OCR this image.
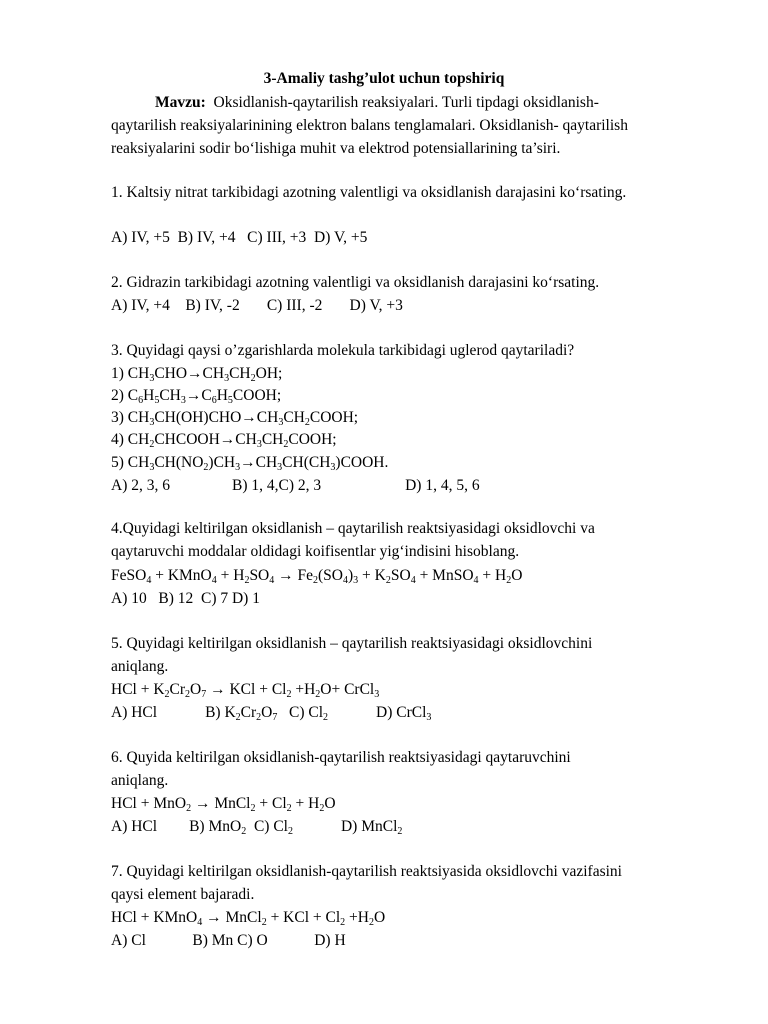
3-Amaliy tashg’ulot uchun topshiriq
Mavzu: Oksidlanish-qaytarilish reaksiyalari. Turli tipdagi oksidlanish-
qaytarilish reaksiyalarinining elektron balans tenglamalari. Oksidlanish- qaytarilish
reaksiyalarini sodir bo‘lishiga muhit va elektrod potensiallarining ta’siri.
1. Kaltsiy nitrat tarkibidagi azotning valentligi va oksidlanish darajasini ko‘rsating.
A) IV, +5  B) IV, +4   C) III, +3  D) V, +5
2. Gidrazin tarkibidagi azotning valentligi va oksidlanish darajasini ko‘rsating.
A) IV, +4    B) IV, -2       C) III, -2       D) V, +3
3. Quyidagi qaysi o’zgarishlarda molekula tarkibidagi uglerod qaytariladi?
1) $CH_3CHO\to CH_3CH_2OH$;
2) $C_6H_5CH_3\to C_6H_5COOH$;
3) $CH_3CH(OH)CHO\to CH_3CH_2COOH$;
4) $CH_2CHCOOH\to CH_3CH_2COOH$;
5) $CH_3CH(NO_2)CH_3\to CH_3CH(CH_3)COOH$.
A) 2, 3, 6	B) 1, 4,C) 2, 3	D) 1, 4, 5, 6
4.Quyidagi keltirilgan oksidlanish – qaytarilish reaktsiyasidagi oksidlovchi va
qaytaruvchi moddalar oldidagi koifisentlar yig‘indisini hisoblang.
FeSO$_4$ + KMnO$_4$ + $H_2SO_4 \to Fe_2(SO_4)_3 + K_2SO_4$ + MnSO$_4$ + $H_2O$
A) 10   B) 12  C) 7 D) 1
5. Quyidagi keltirilgan oksidlanish – qaytarilish reaktsiyasidagi oksidlovchini
aniqlang.
HCl + $K_2Cr_2O_7$ → KCl + $Cl_2 +H_2O+$ CrCl$_3$
A) HCl	B) $K_2Cr_2O_7$   C) $Cl_2$	D) CrCl$_3$
6. Quyida keltirilgan oksidlanish-qaytarilish reaktsiyasidagi qaytaruvchini
aniqlang.
HCl + MnO$_2$ → MnCl$_2$ + $Cl_2 + H_2O$
A) HCl B) MnO$_2$  C) $Cl_2$	D) MnCl$_2$
7. Quyidagi keltirilgan oksidlanish-qaytarilish reaktsiyasida oksidlovchi vazifasini
qaysi element bajaradi.
HCl + KMnO$_4$ → MnCl$_2$ + KCl + $Cl_2 +H_2O$
A) Cl            B) Mn C) O            D) H
